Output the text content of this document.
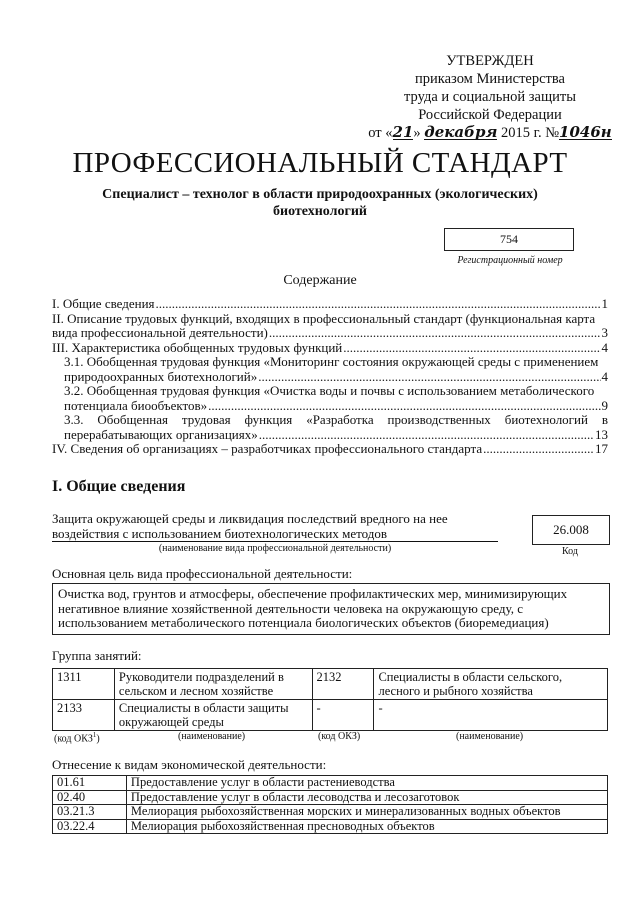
УТВЕРЖДЕН
приказом Министерства
труда и социальной защиты
Российской Федерации
от «21» декабря 2015 г. №1046н
ПРОФЕССИОНАЛЬНЫЙ СТАНДАРТ
Специалист – технолог в области природоохранных (экологических) биотехнологий
754
Регистрационный номер
Содержание
I. Общие сведения .....	1
II. Описание трудовых функций, входящих в профессиональный стандарт (функциональная карта
вида профессиональной деятельности) .....	3
III. Характеристика обобщенных трудовых функций .....	4
3.1. Обобщенная трудовая функция «Мониторинг состояния окружающей среды с применением
природоохранных биотехнологий» .....	4
3.2. Обобщенная трудовая функция «Очистка воды и почвы с использованием метаболического
потенциала биообъектов» .....	9
3.3. Обобщенная трудовая функция «Разработка производственных биотехнологий в
перерабатывающих организациях» .....	13
IV. Сведения об организациях – разработчиках профессионального стандарта .....	17
I. Общие сведения
Защита окружающей среды и ликвидация последствий вредного на нее
воздействия с использованием биотехнологических методов
(наименование вида профессиональной деятельности)
26.008
Код
Основная цель вида профессиональной деятельности:
Очистка вод, грунтов и атмосферы, обеспечение профилактических мер, минимизирующих негативное влияние хозяйственной деятельности человека на окружающую среду, с использованием метаболического потенциала биологических объектов (биоремедиация)
Группа занятий:
1311	Руководители подразделений в сельском и лесном хозяйстве	2132	Специалисты в области сельского, лесного и рыбного хозяйства
2133	Специалисты в области защиты окружающей среды	-	-
(код ОКЗ$^1$)	(наименование)	(код ОКЗ)	(наименование)
Отнесение к видам экономической деятельности:
01.61	Предоставление услуг в области растениеводства
02.40	Предоставление услуг в области лесоводства и лесозаготовок
03.21.3	Мелиорация рыбохозяйственная морских и минерализованных водных объектов
03.22.4	Мелиорация рыбохозяйственная пресноводных объектов
